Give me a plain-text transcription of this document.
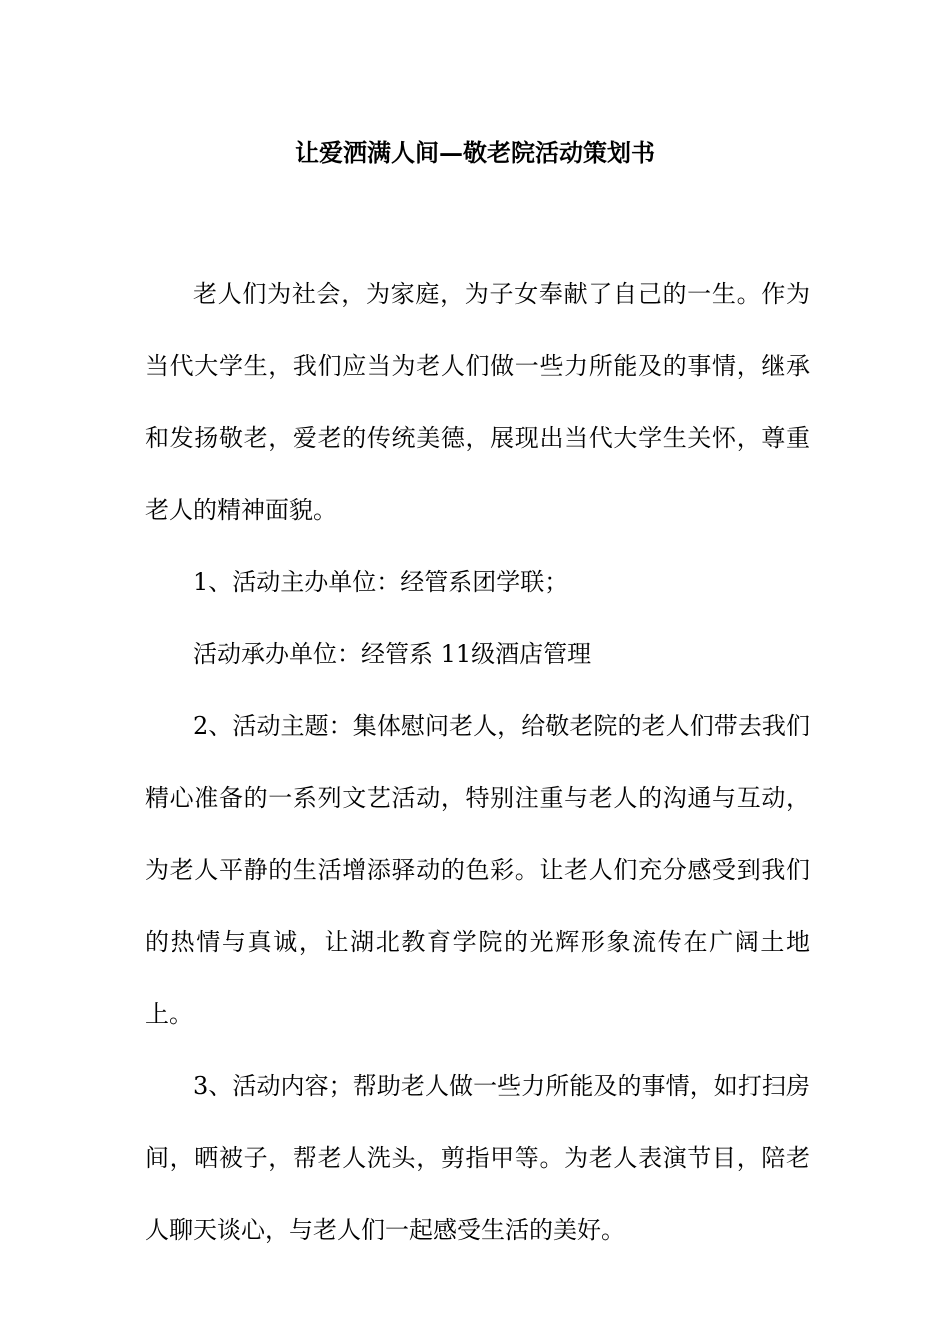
让爱洒满人间—敬老院活动策划书

老人们为社会，为家庭，为子女奉献了自己的一生。作为当代大学生，我们应当为老人们做一些力所能及的事情，继承和发扬敬老，爱老的传统美德，展现出当代大学生关怀，尊重老人的精神面貌。

1、活动主办单位：经管系团学联；

活动承办单位：经管系 11级酒店管理

2、活动主题：集体慰问老人，给敬老院的老人们带去我们精心准备的一系列文艺活动，特别注重与老人的沟通与互动，为老人平静的生活增添驿动的色彩。让老人们充分感受到我们的热情与真诚，让湖北教育学院的光辉形象流传在广阔土地上。

3、活动内容；帮助老人做一些力所能及的事情，如打扫房间，晒被子，帮老人洗头，剪指甲等。为老人表演节目，陪老人聊天谈心，与老人们一起感受生活的美好。
